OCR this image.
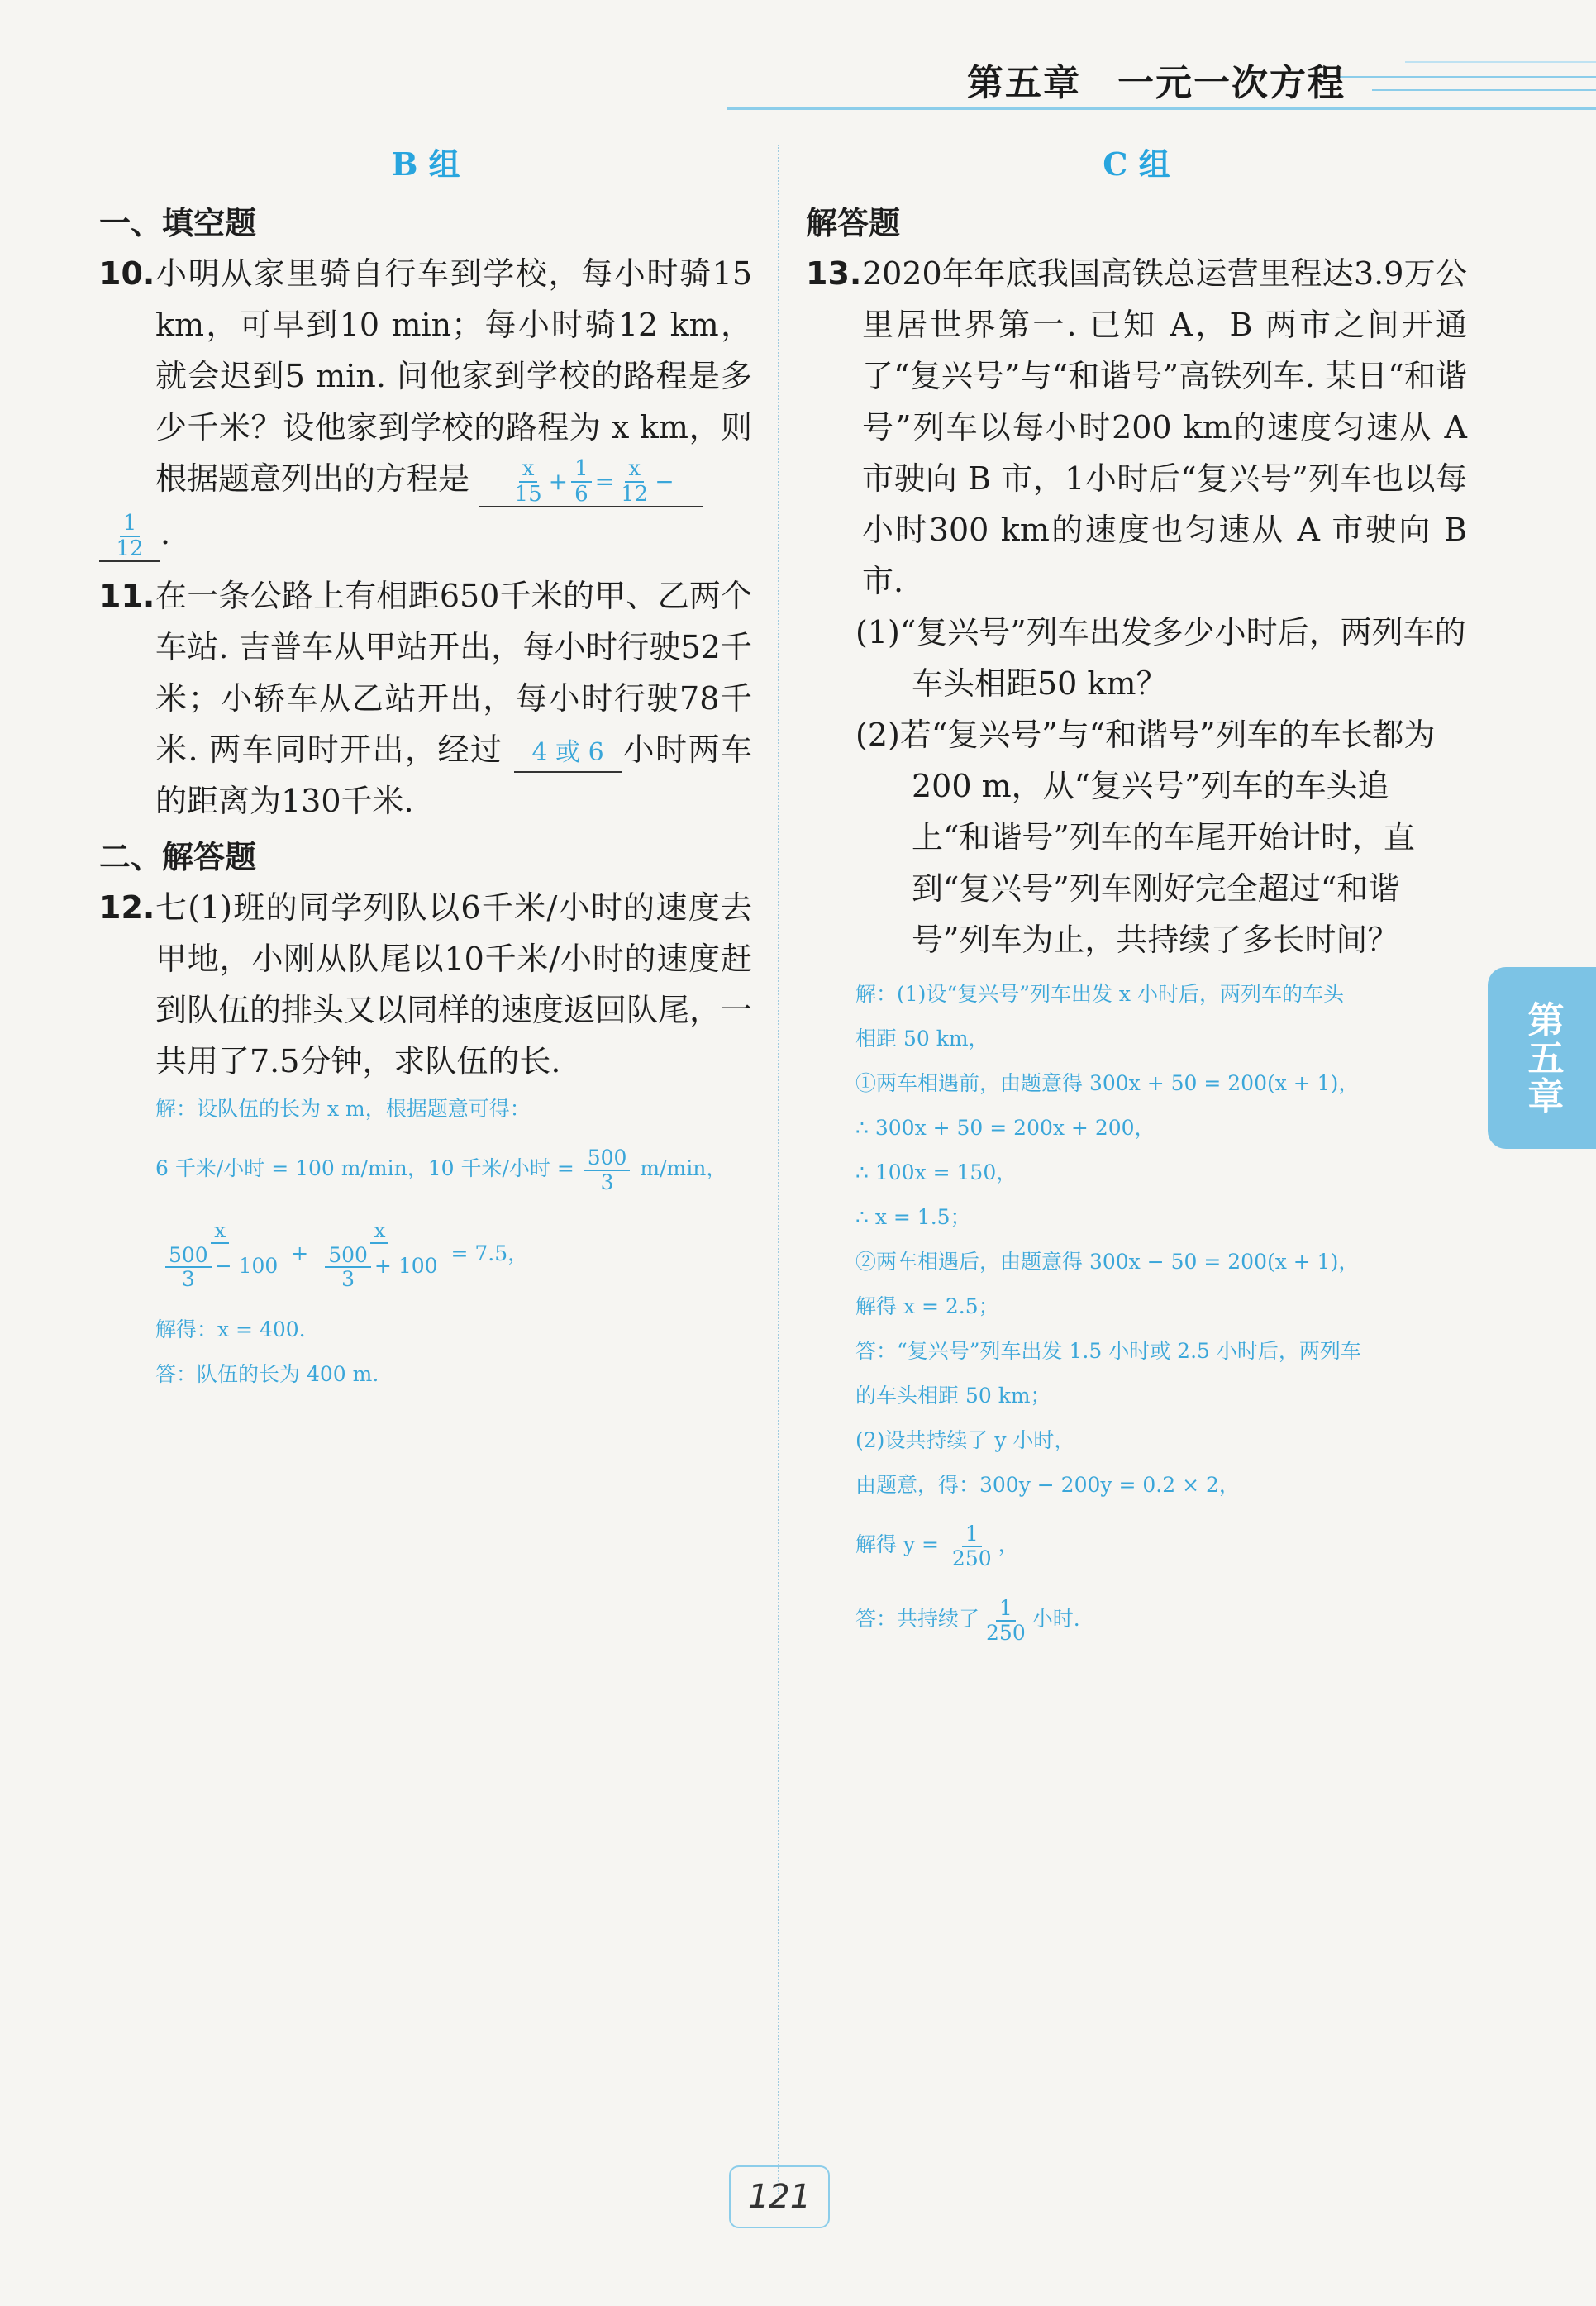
第五章 一元一次方程
第五章
B 组
一、填空题
10. 小明从家里骑自行车到学校，每小时骑15 km，可早到10 min；每小时骑12 km，就会迟到5 min. 问他家到学校的路程是多少千米？设他家到学校的路程为 x km，则根据题意列出的方程是 $\frac{x}{15} + \frac{1}{6} = \frac{x}{12}$ −

$\frac{1}{12}$ .
11. 在一条公路上有相距650千米的甲、乙两个车站. 吉普车从甲站开出，每小时行驶52千米；小轿车从乙站开出，每小时行驶78千米. 两车同时开出，经过 4 或 6 小时两车的距离为130千米.
二、解答题
12. 七(1)班的同学列队以6千米/小时的速度去甲地，小刚从队尾以10千米/小时的速度赶到队伍的排头又以同样的速度返回队尾，一共用了7.5分钟，求队伍的长.
解：设队伍的长为 x m，根据题意可得：
6 千米/小时 = 100 m/min，10 千米/小时 = $\frac{500}{3} m/\min$，
$\frac{x}{\frac{500}{3} - 100} + \frac{x}{\frac{500}{3} + 100} = 7.5$，
解得：x = 400.
答：队伍的长为 400 m.
C 组
解答题
13. 2020年年底我国高铁总运营里程达3.9万公里居世界第一. 已知 A，B 两市之间开通了“复兴号”与“和谐号”高铁列车. 某日“和谐号”列车以每小时200 km的速度匀速从 A 市驶向 B 市，1小时后“复兴号”列车也以每小时300 km的速度也匀速从 A 市驶向 B 市.
(1)“复兴号”列车出发多少小时后，两列车的车头相距50 km？
(2)若“复兴号”与“和谐号”列车的车长都为200 m，从“复兴号”列车的车头追上“和谐号”列车的车尾开始计时，直到“复兴号”列车刚好完全超过“和谐号”列车为止，共持续了多长时间？
解：(1)设“复兴号”列车出发 x 小时后，两列车的车头
相距 50 km，
①两车相遇前，由题意得 300x + 50 = 200(x + 1)，
∴ 300x + 50 = 200x + 200，
∴ 100x = 150，
∴ x = 1.5；
②两车相遇后，由题意得 300x − 50 = 200(x + 1)，
解得 x = 2.5；
答：“复兴号”列车出发 1.5 小时或 2.5 小时后，两列车
的车头相距 50 km；
(2)设共持续了 y 小时，
由题意，得：300y − 200y = 0.2 × 2，
解得 $y = \frac{1}{250}$ ，
答：共持续了 $\frac{1}{250}$ 小时.
121
